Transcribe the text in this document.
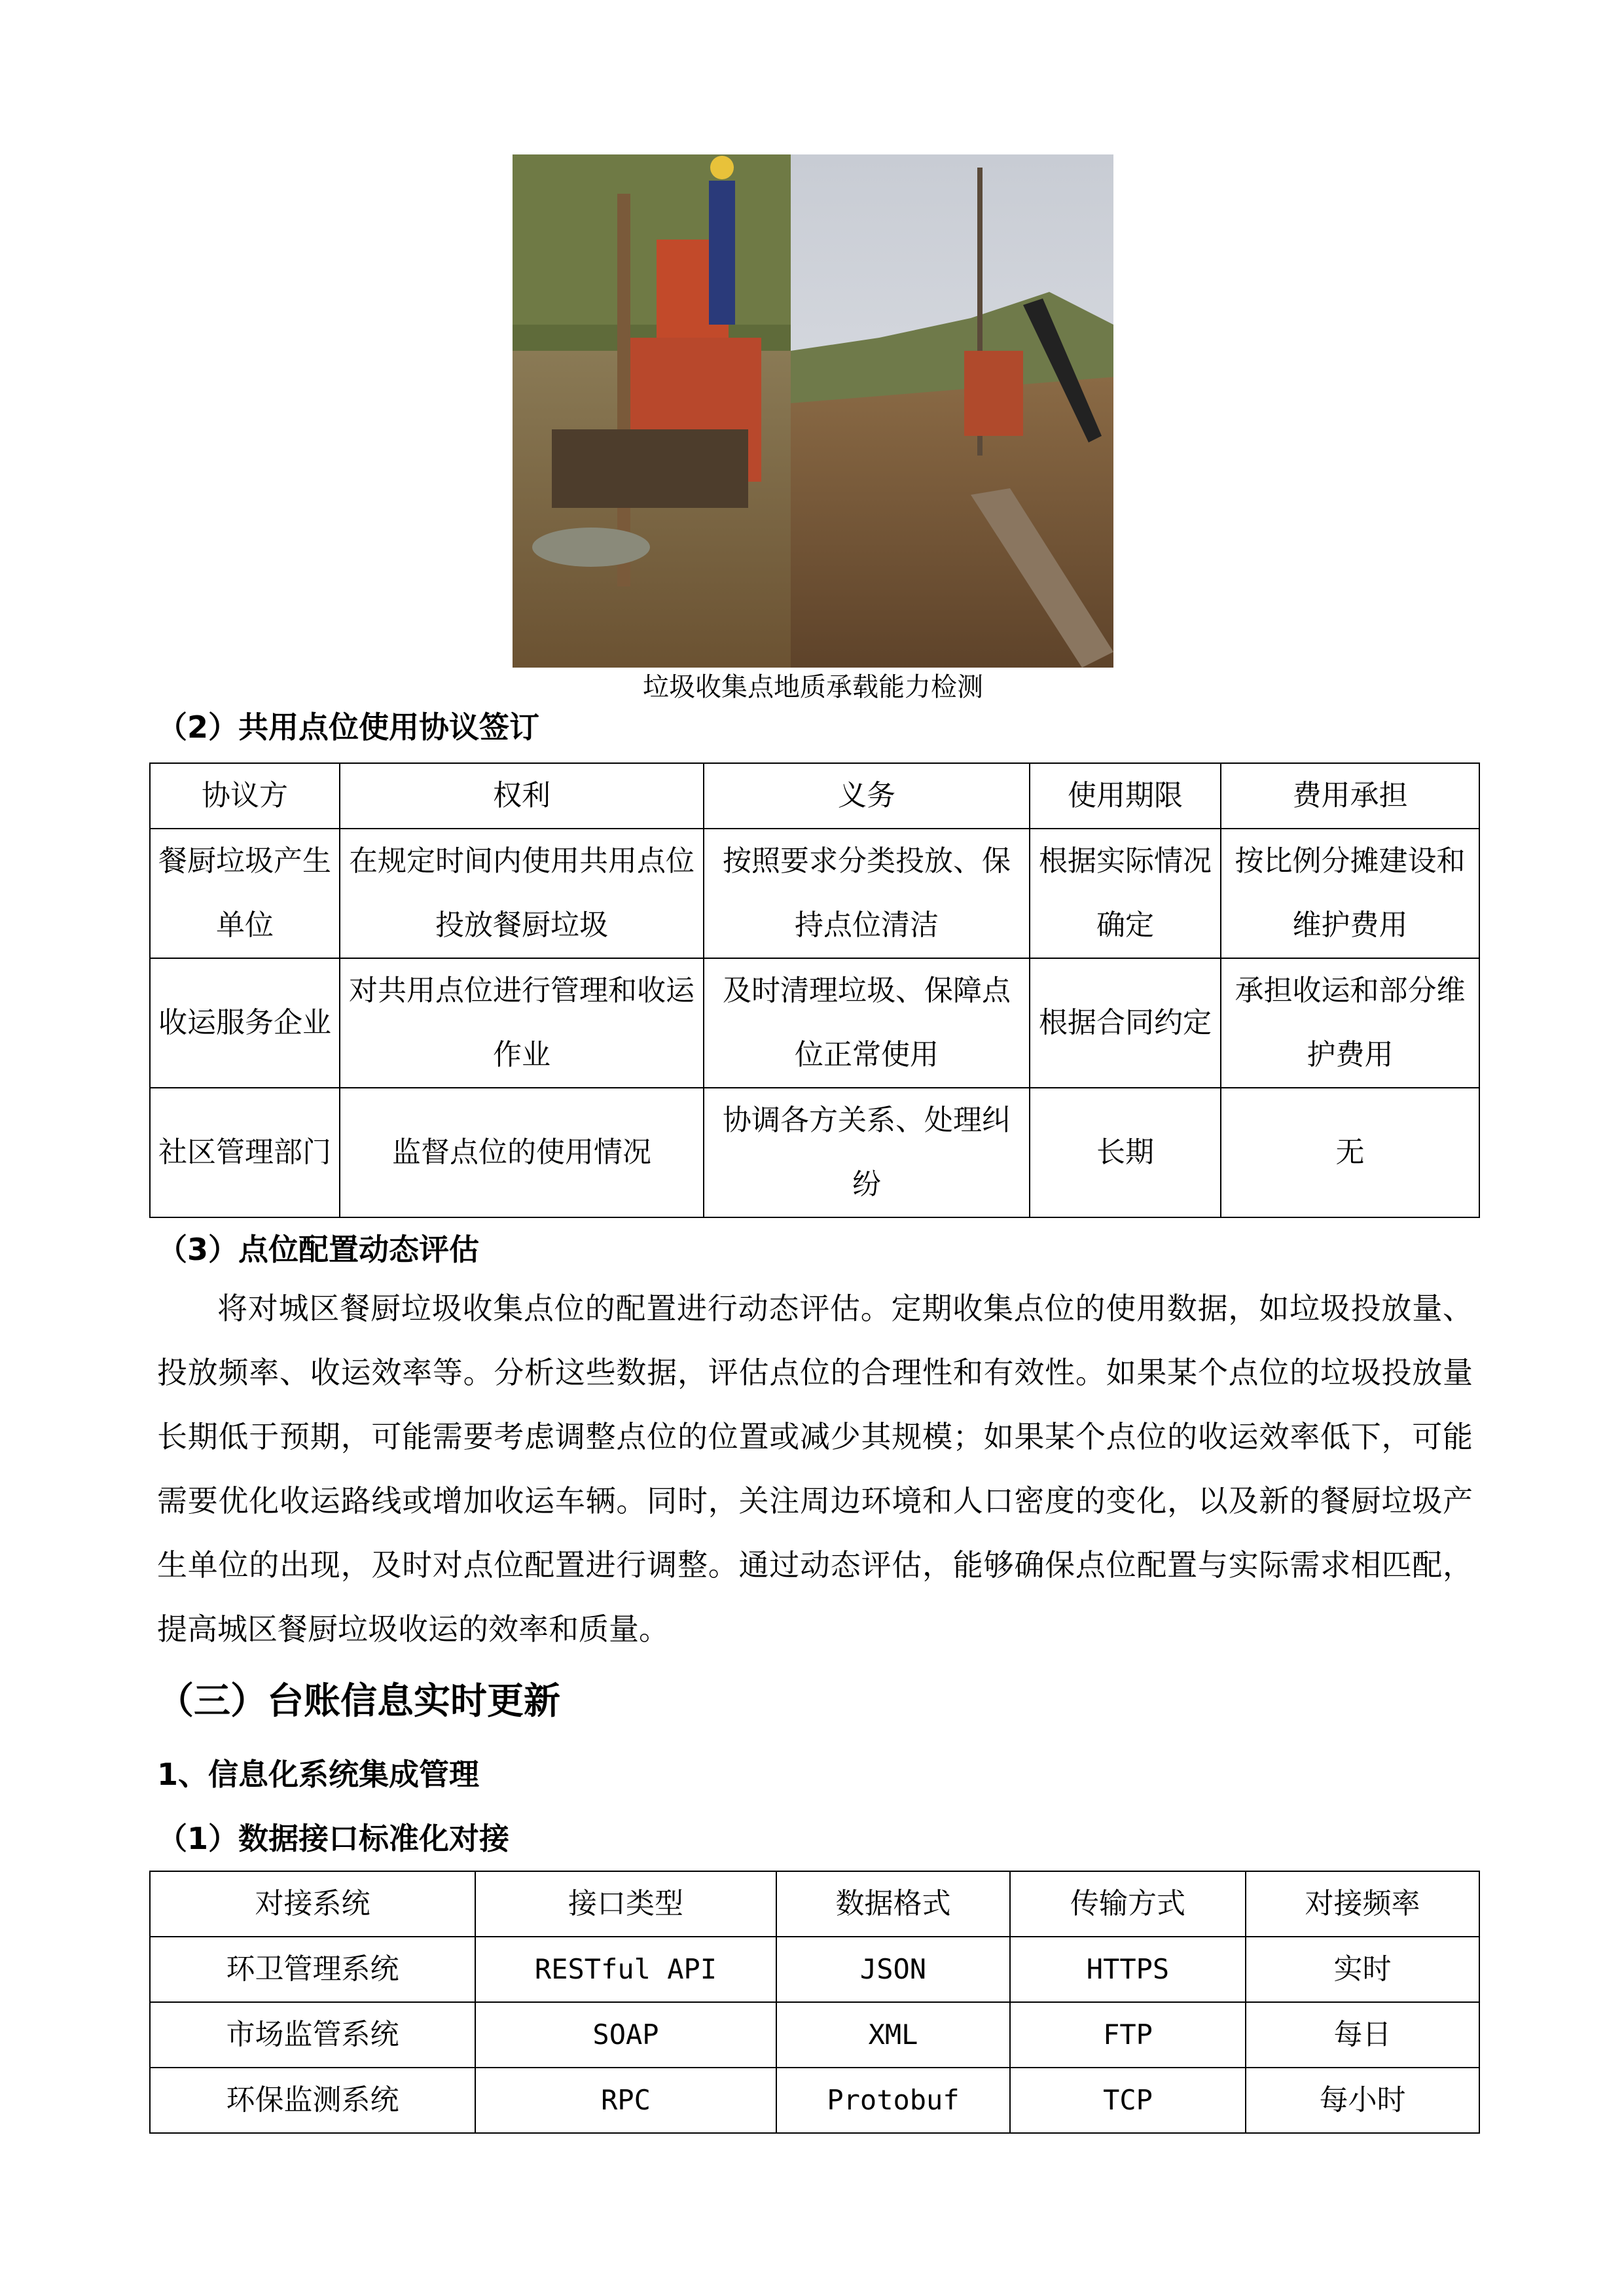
垃圾收集点地质承载能力检测
（2）共用点位使用协议签订
协议方	权利	义务	使用期限	费用承担
餐厨垃圾产生单位	在规定时间内使用共用点位投放餐厨垃圾	按照要求分类投放、保持点位清洁	根据实际情况确定	按比例分摊建设和维护费用
收运服务企业	对共用点位进行管理和收运作业	及时清理垃圾、保障点位正常使用	根据合同约定	承担收运和部分维护费用
社区管理部门	监督点位的使用情况	协调各方关系、处理纠纷	长期	无
（3）点位配置动态评估
将对城区餐厨垃圾收集点位的配置进行动态评估。定期收集点位的使用数据，如垃圾投放量、投放频率、收运效率等。分析这些数据，评估点位的合理性和有效性。如果某个点位的垃圾投放量长期低于预期，可能需要考虑调整点位的位置或减少其规模；如果某个点位的收运效率低下，可能需要优化收运路线或增加收运车辆。同时，关注周边环境和人口密度的变化，以及新的餐厨垃圾产生单位的出现，及时对点位配置进行调整。通过动态评估，能够确保点位配置与实际需求相匹配，提高城区餐厨垃圾收运的效率和质量。
（三）台账信息实时更新
1、信息化系统集成管理
（1）数据接口标准化对接
对接系统	接口类型	数据格式	传输方式	对接频率
环卫管理系统	RESTful API	JSON	HTTPS	实时
市场监管系统	SOAP	XML	FTP	每日
环保监测系统	RPC	Protobuf	TCP	每小时
